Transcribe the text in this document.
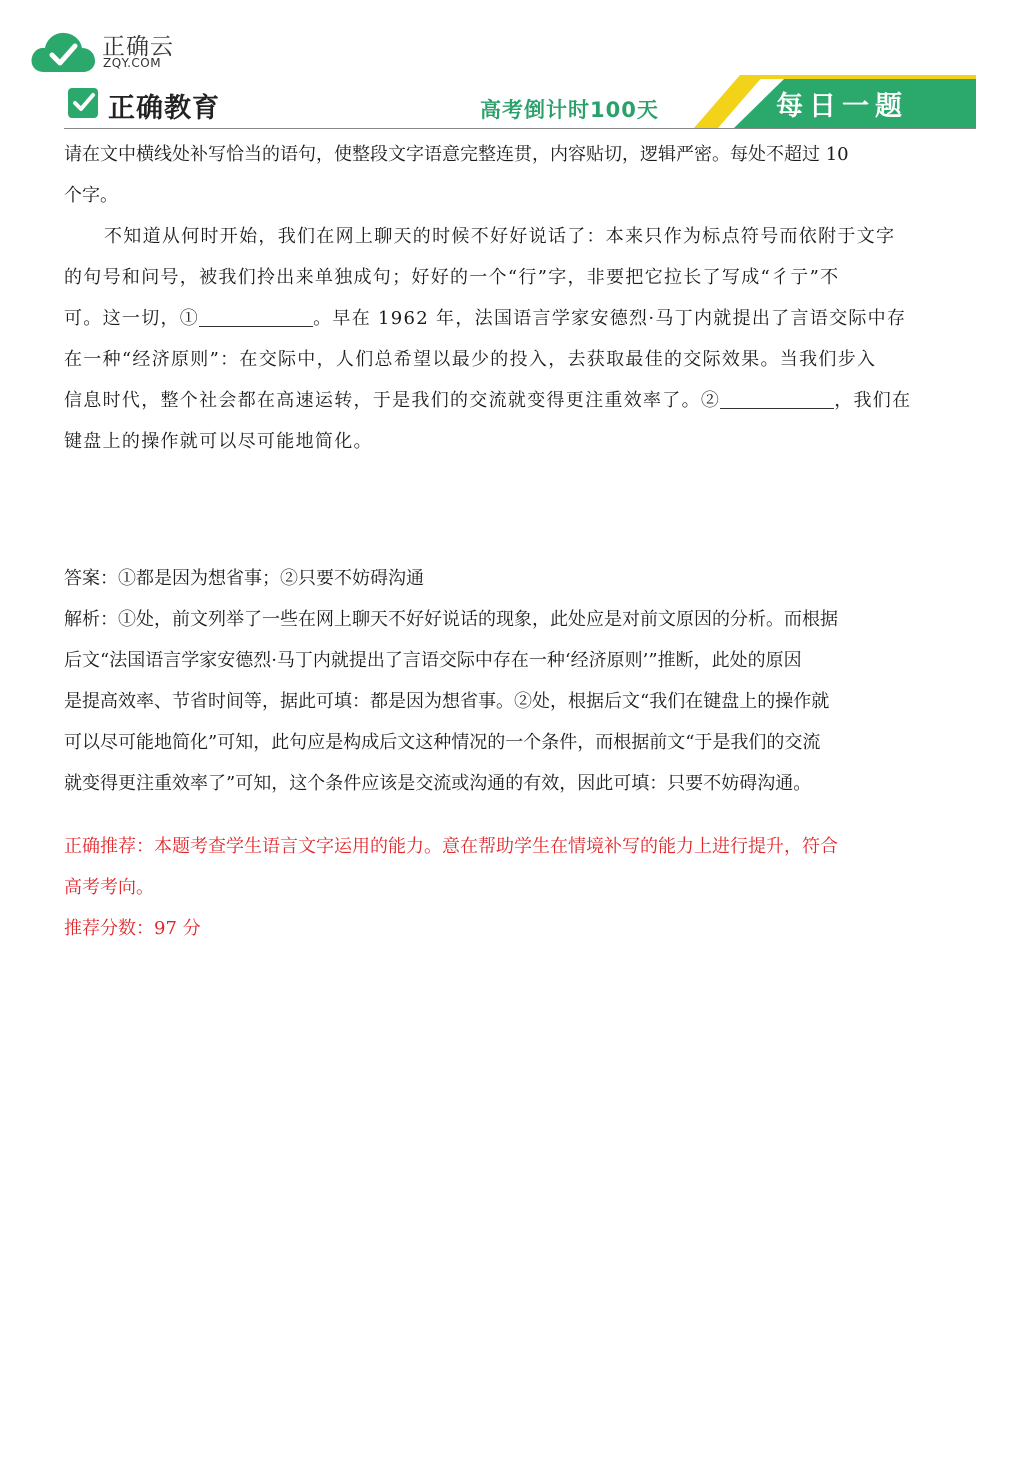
正确云
ZQY.COM
正确教育	高考倒计时100天	每日一题

请在文中横线处补写恰当的语句，使整段文字语意完整连贯，内容贴切，逻辑严密。每处不超过 10

个字。

不知道从何时开始，我们在网上聊天的时候不好好说话了：本来只作为标点符号而依附于文字

的句号和问号，被我们拎出来单独成句；好好的一个“行”字，非要把它拉长了写成“彳亍”不

可。这一切，①	。早在 1962 年，法国语言学家安德烈·马丁内就提出了言语交际中存

在一种“经济原则”：在交际中，人们总希望以最少的投入，去获取最佳的交际效果。当我们步入

信息时代，整个社会都在高速运转，于是我们的交流就变得更注重效率了。②	，我们在

键盘上的操作就可以尽可能地简化。

答案：①都是因为想省事；②只要不妨碍沟通

解析：①处，前文列举了一些在网上聊天不好好说话的现象，此处应是对前文原因的分析。而根据

后文“法国语言学家安德烈·马丁内就提出了言语交际中存在一种‘经济原则’”推断，此处的原因

是提高效率、节省时间等，据此可填：都是因为想省事。②处，根据后文“我们在键盘上的操作就

可以尽可能地简化”可知，此句应是构成后文这种情况的一个条件，而根据前文“于是我们的交流

就变得更注重效率了”可知，这个条件应该是交流或沟通的有效，因此可填：只要不妨碍沟通。

正确推荐：本题考查学生语言文字运用的能力。意在帮助学生在情境补写的能力上进行提升，符合

高考考向。

推荐分数：97 分
